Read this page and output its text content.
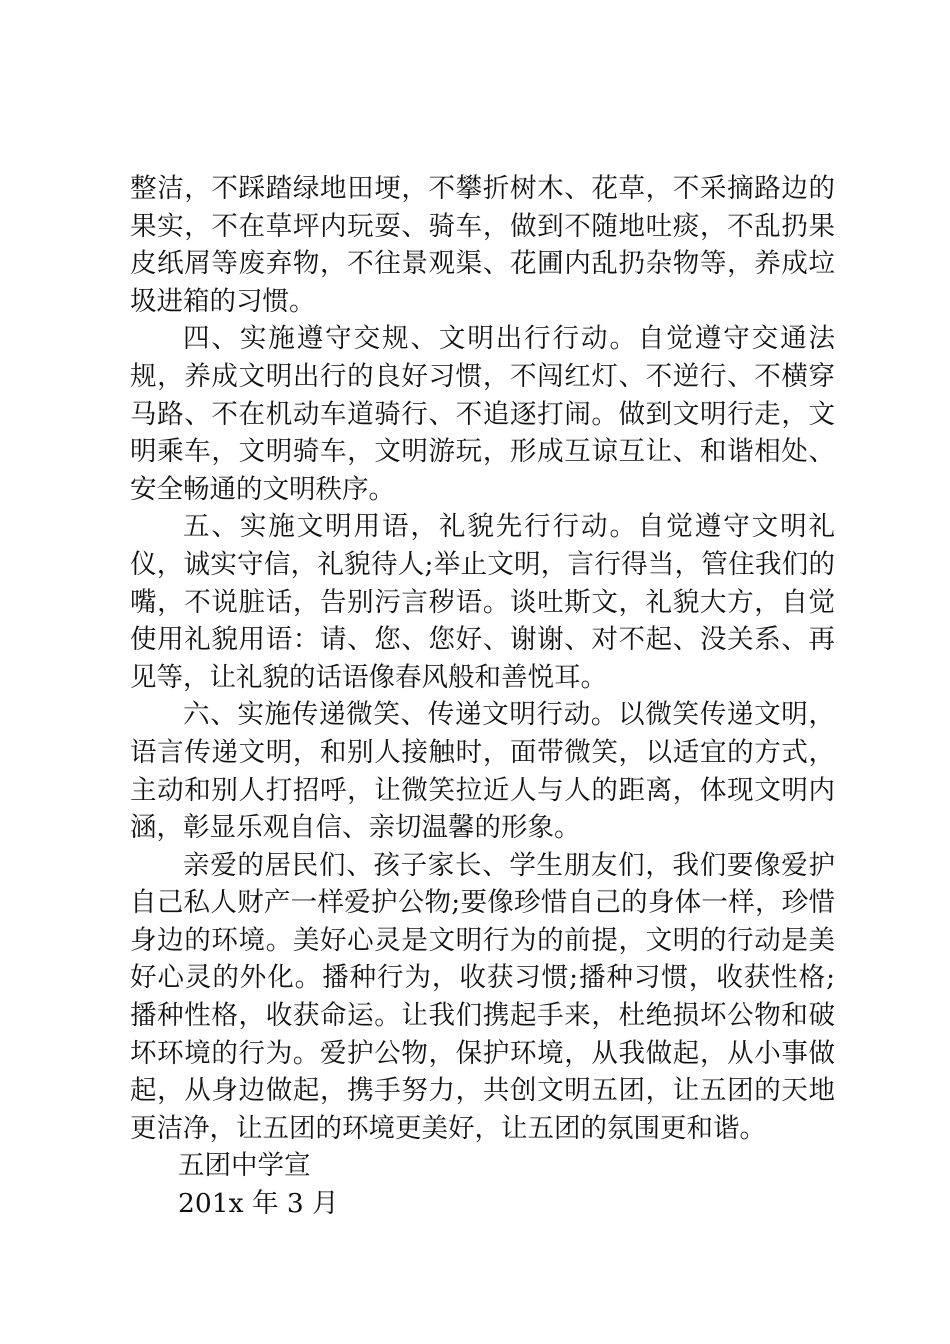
整洁，不踩踏绿地田埂，不攀折树木、花草，不采摘路边的果实，不在草坪内玩耍、骑车，做到不随地吐痰，不乱扔果皮纸屑等废弃物，不往景观渠、花圃内乱扔杂物等，养成垃圾进箱的习惯。

四、实施遵守交规、文明出行行动。自觉遵守交通法规，养成文明出行的良好习惯，不闯红灯、不逆行、不横穿马路、不在机动车道骑行、不追逐打闹。做到文明行走，文明乘车，文明骑车，文明游玩，形成互谅互让、和谐相处、安全畅通的文明秩序。

五、实施文明用语，礼貌先行行动。自觉遵守文明礼仪，诚实守信，礼貌待人;举止文明，言行得当，管住我们的嘴，不说脏话，告别污言秽语。谈吐斯文，礼貌大方，自觉使用礼貌用语：请、您、您好、谢谢、对不起、没关系、再见等，让礼貌的话语像春风般和善悦耳。

六、实施传递微笑、传递文明行动。以微笑传递文明，语言传递文明，和别人接触时，面带微笑，以适宜的方式，主动和别人打招呼，让微笑拉近人与人的距离，体现文明内涵，彰显乐观自信、亲切温馨的形象。

亲爱的居民们、孩子家长、学生朋友们，我们要像爱护自己私人财产一样爱护公物;要像珍惜自己的身体一样，珍惜身边的环境。美好心灵是文明行为的前提，文明的行动是美好心灵的外化。播种行为，收获习惯;播种习惯，收获性格;播种性格，收获命运。让我们携起手来，杜绝损坏公物和破坏环境的行为。爱护公物，保护环境，从我做起，从小事做起，从身边做起，携手努力，共创文明五团，让五团的天地更洁净，让五团的环境更美好，让五团的氛围更和谐。

五团中学宣

201x 年 3 月
